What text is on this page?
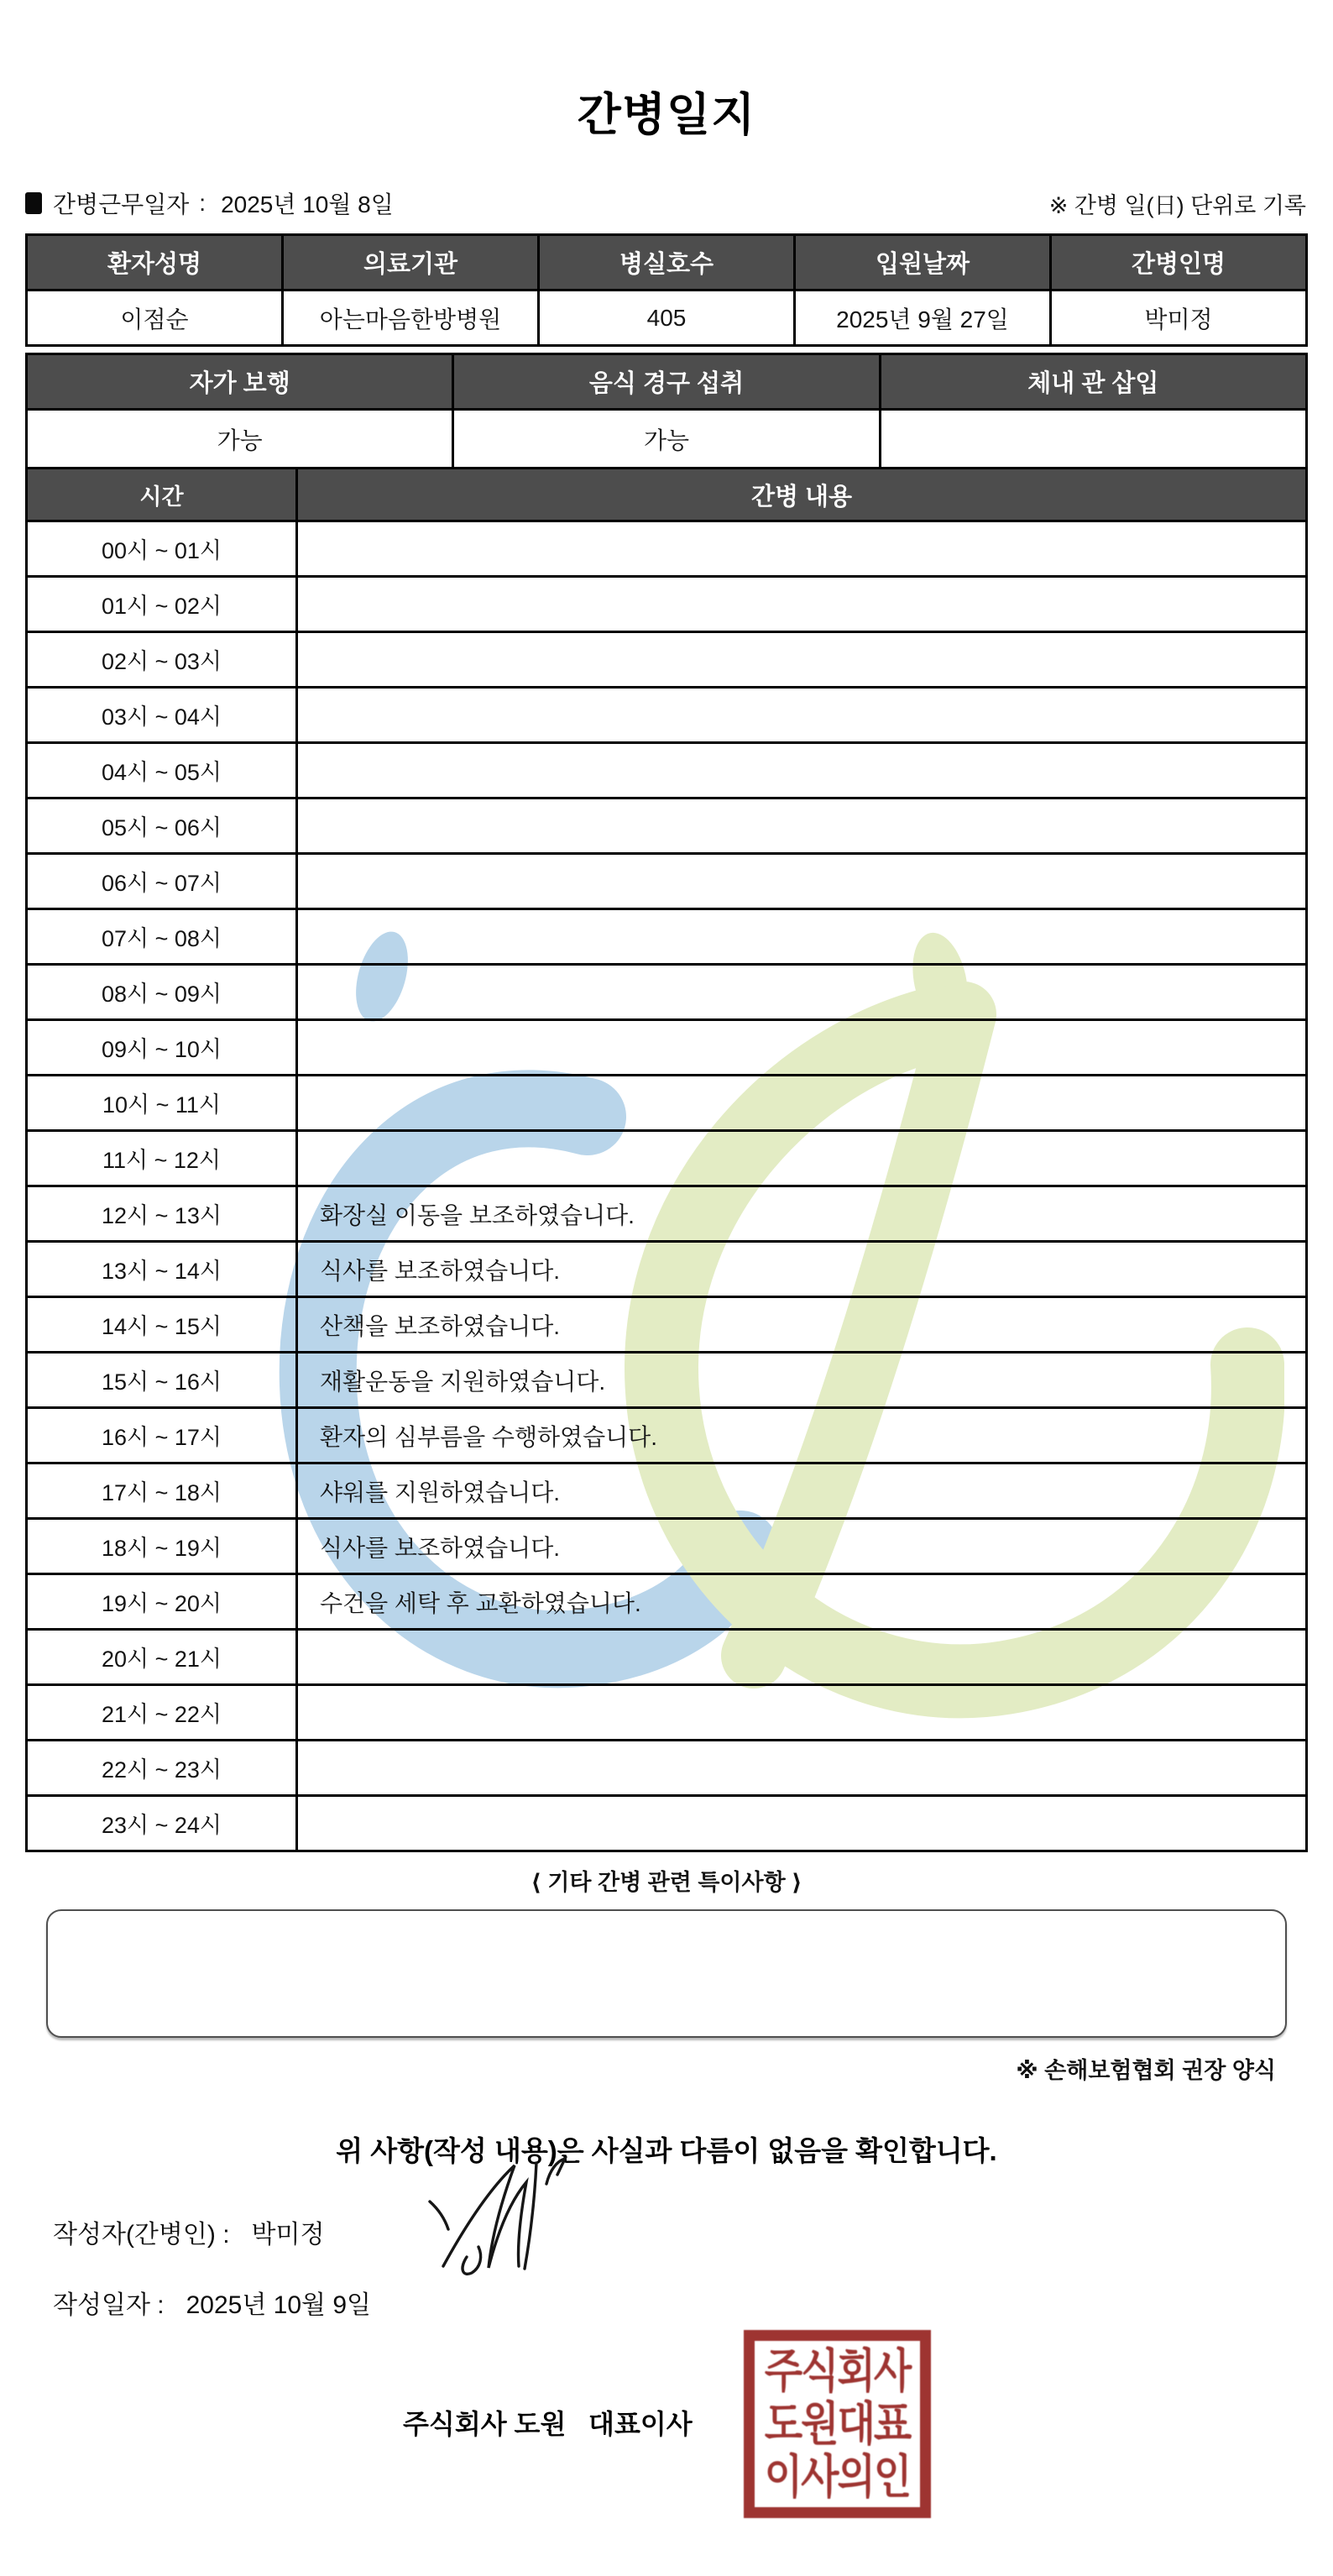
간병일지
간병근무일자 : 2025년 10월 8일	※ 간병 일(日) 단위로 기록
환자성명	의료기관	병실호수	입원날짜	간병인명
이점순	아는마음한방병원	405	2025년 9월 27일	박미정
자가 보행	음식 경구 섭취	체내 관 삽입
가능	가능	
시간	간병 내용
00시 ~ 01시	
01시 ~ 02시	
02시 ~ 03시	
03시 ~ 04시	
04시 ~ 05시	
05시 ~ 06시	
06시 ~ 07시	
07시 ~ 08시	
08시 ~ 09시	
09시 ~ 10시	
10시 ~ 11시	
11시 ~ 12시	
12시 ~ 13시	화장실 이동을 보조하였습니다.
13시 ~ 14시	식사를 보조하였습니다.
14시 ~ 15시	산책을 보조하였습니다.
15시 ~ 16시	재활운동을 지원하였습니다.
16시 ~ 17시	환자의 심부름을 수행하였습니다.
17시 ~ 18시	샤워를 지원하였습니다.
18시 ~ 19시	식사를 보조하였습니다.
19시 ~ 20시	수건을 세탁 후 교환하였습니다.
20시 ~ 21시	
21시 ~ 22시	
22시 ~ 23시	
23시 ~ 24시	
⟨ 기타 간병 관련 특이사항 ⟩
※ 손해보험협회 권장 양식
위 사항(작성 내용)은 사실과 다름이 없음을 확인합니다.
작성자(간병인) : 박미정
작성일자 : 2025년 10월 9일
주식회사 도원   대표이사
주식회사
도원대표
이사의인
